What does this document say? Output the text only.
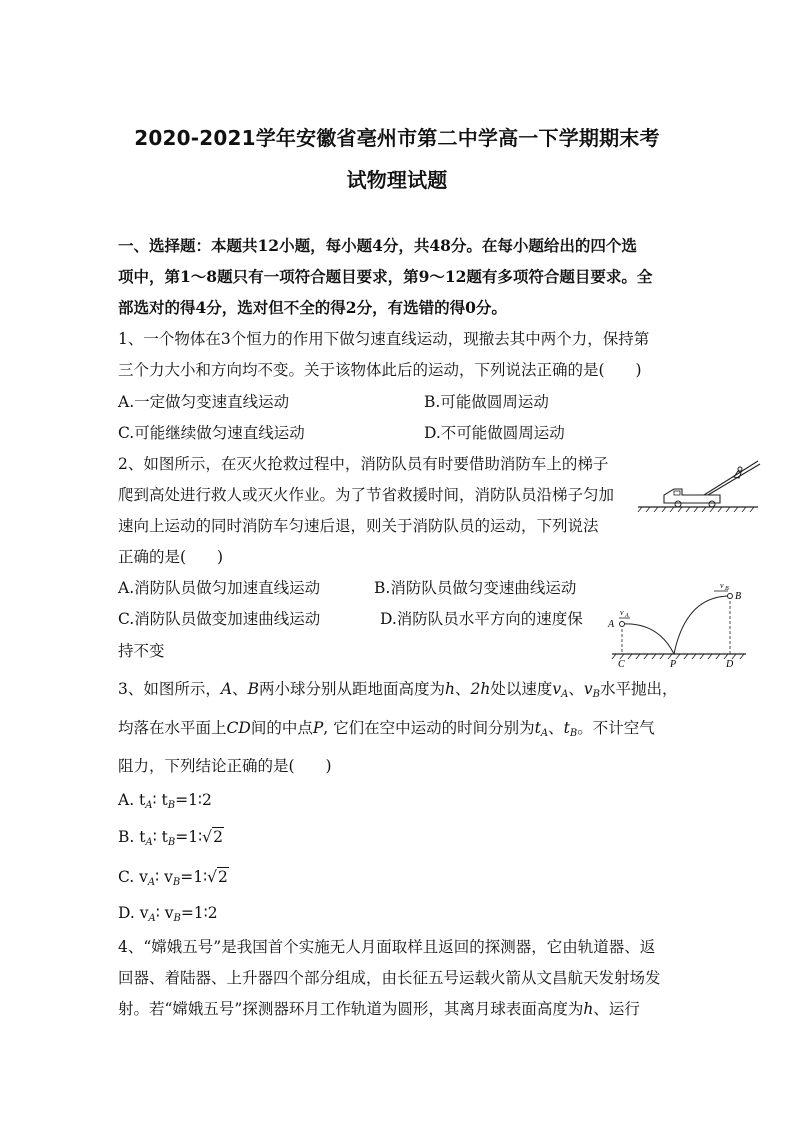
2020-2021学年安徽省亳州市第二中学高一下学期期末考
试物理试题
一、选择题：本题共12小题，每小题4分，共48分。在每小题给出的四个选
项中，第1～8题只有一项符合题目要求，第9～12题有多项符合题目要求。全
部选对的得4分，选对但不全的得2分，有选错的得0分。
1、一个物体在3个恒力的作用下做匀速直线运动，现撤去其中两个力，保持第
三个力大小和方向均不变。关于该物体此后的运动，下列说法正确的是(　　)
A.一定做匀变速直线运动	B.可能做圆周运动
C.可能继续做匀速直线运动	D.不可能做圆周运动
2、如图所示，在灭火抢救过程中，消防队员有时要借助消防车上的梯子
爬到高处进行救人或灭火作业。为了节省救援时间，消防队员沿梯子匀加
速向上运动的同时消防车匀速后退，则关于消防队员的运动，下列说法
正确的是(　　)
A.消防队员做匀加速直线运动	B.消防队员做匀变速曲线运动
C.消防队员做变加速曲线运动	D.消防队员水平方向的速度保
持不变
A
B
v A
v B
C	P	D
3、如图所示，A、B两小球分别从距地面高度为h、2h处以速度$v_A$、$v_B$水平抛出，
均落在水平面上CD间的中点P, 它们在空中运动的时间分别为$t_A$、$t_B$。不计空气
阻力，下列结论正确的是(　　)
A. $t_A∶$ $t_B=1∶2$
B. $t_A∶$ $t_B=1∶√2$
C. $v_A∶$ $v_B=1∶√2$
D. $v_A∶$ $v_B=1∶2$
4、“嫦娥五号”是我国首个实施无人月面取样且返回的探测器，它由轨道器、返
回器、着陆器、上升器四个部分组成，由长征五号运载火箭从文昌航天发射场发
射。若“嫦娥五号”探测器环月工作轨道为圆形，其离月球表面高度为h、运行
